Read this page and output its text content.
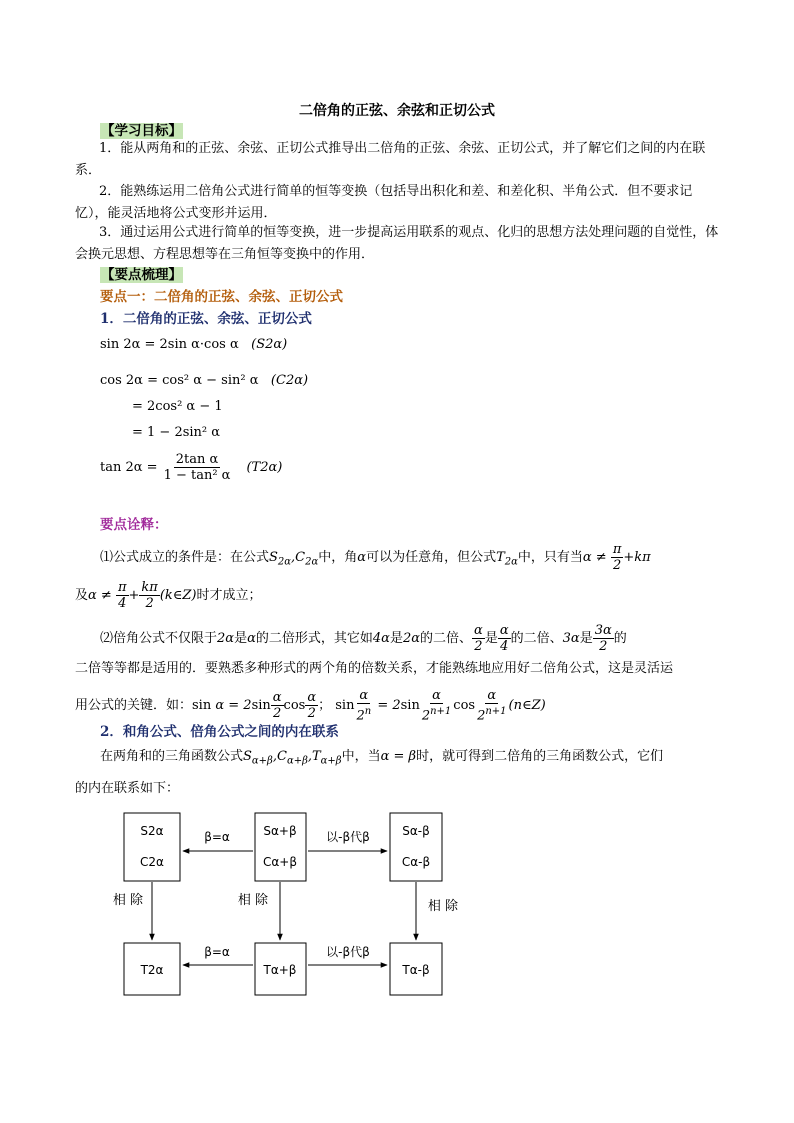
二倍角的正弦、余弦和正切公式
【学习目标】
1．能从两角和的正弦、余弦、正切公式推导出二倍角的正弦、余弦、正切公式，并了解它们之间的内在联系．
2．能熟练运用二倍角公式进行简单的恒等变换（包括导出积化和差、和差化积、半角公式．但不要求记忆），能灵活地将公式变形并运用．
3．通过运用公式进行简单的恒等变换，进一步提高运用联系的观点、化归的思想方法处理问题的自觉性，体会换元思想、方程思想等在三角恒等变换中的作用．
【要点梳理】
要点一：二倍角的正弦、余弦、正切公式
1．二倍角的正弦、余弦、正切公式
sin 2α = 2sin α·cos α (S2α)
cos 2α = cos² α − sin² α (C2α)
= 2cos² α − 1
= 1 − 2sin² α
$\tan 2\alpha = \frac{\text{2tan α}}{\text{1 − tan² α}} (T2\alpha)$
要点诠释：
⑴公式成立的条件是：在公式$S_{2\alpha},C_{2\alpha}$中，角α可以为任意角，但公式$T_{2\alpha}$中，只有当$\alpha \ne \frac{\pi}{2} +k\pi$
及$\alpha \ne \frac{\pi}{4} + \frac{k\pi}{2}$ (k∈Z)时才成立；
⑵倍角公式不仅限于2α是α的二倍形式，其它如4α是2α的二倍、 $\frac{\alpha}{2}$ 是 $\frac{\alpha}{4}$ 的二倍、3α是 $\frac{3\alpha}{2}$ 的
二倍等等都是适用的．要熟悉多种形式的两个角的倍数关系，才能熟练地应用好二倍角公式，这是灵活运
用公式的关键．如：$\sin \alpha = 2\sin \frac{\alpha}{2}$ $\cos \frac{\alpha}{2}$ ； $\sin \frac{\alpha}{2^n} = 2\sin \frac{\alpha}{2^{n+1}}$ $\cos \frac{\alpha}{2^{n+1}}$ (n∈Z)
2．和角公式、倍角公式之间的内在联系
在两角和的三角函数公式$S_{\alpha+\beta},C_{\alpha+\beta},T_{\alpha+\beta}$中，当α = β时，就可得到二倍角的三角函数公式，它们
的内在联系如下：
S2α
C2α
Sα+β
Cα+β
Sα-β
Cα-β
T2α	Tα+β	Tα-β
β=α	以-β代β
β=α	以-β代β
相 除	相 除	相 除
